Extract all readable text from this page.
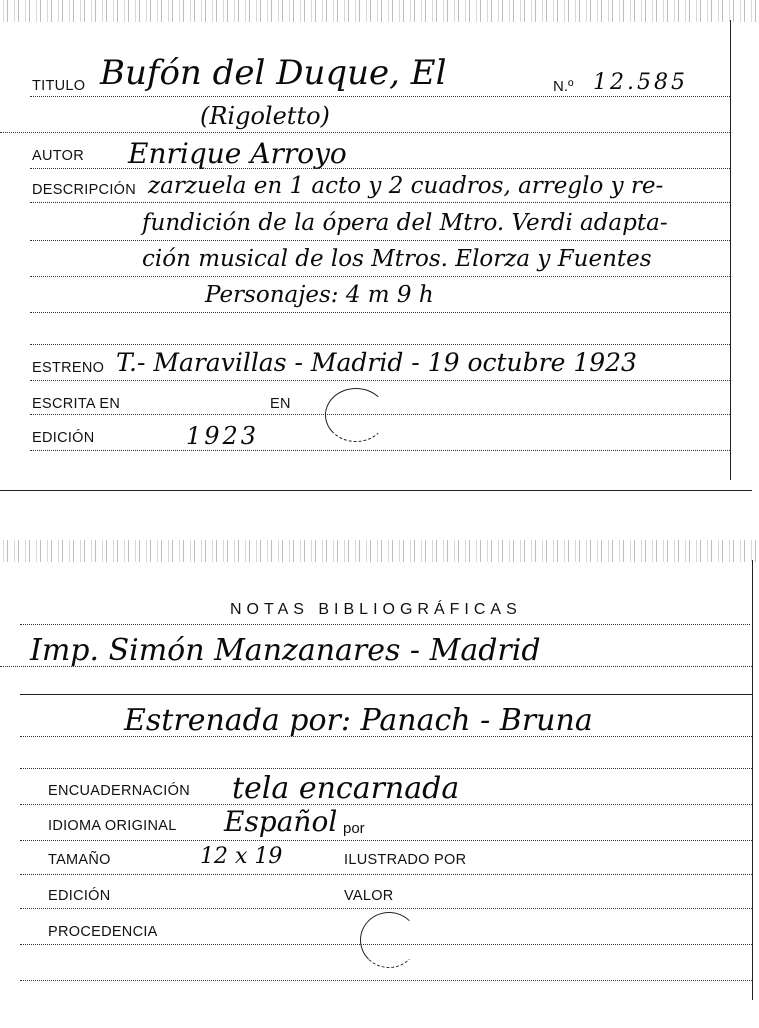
TITULO Bufón del Duque, El	N.º 12.585
(Rigoletto)
AUTOR Enrique Arroyo
DESCRIPCIÓN zarzuela en 1 acto y 2 cuadros, arreglo y re-
fundición de la ópera del Mtro. Verdi adapta-
ción musical de los Mtros. Elorza y Fuentes
Personajes: 4 m 9 h
ESTRENO T.- Maravillas - Madrid - 19 octubre 1923
ESCRITA EN	EN
EDICIÓN	1923
NOTAS BIBLIOGRÁFICAS
Imp. Simón Manzanares - Madrid
Estrenada por: Panach - Bruna
ENCUADERNACIÓN tela encarnada
IDIOMA ORIGINAL Español por
TAMAÑO	12 x 19	ILUSTRADO POR
EDICIÓN	VALOR
PROCEDENCIA
